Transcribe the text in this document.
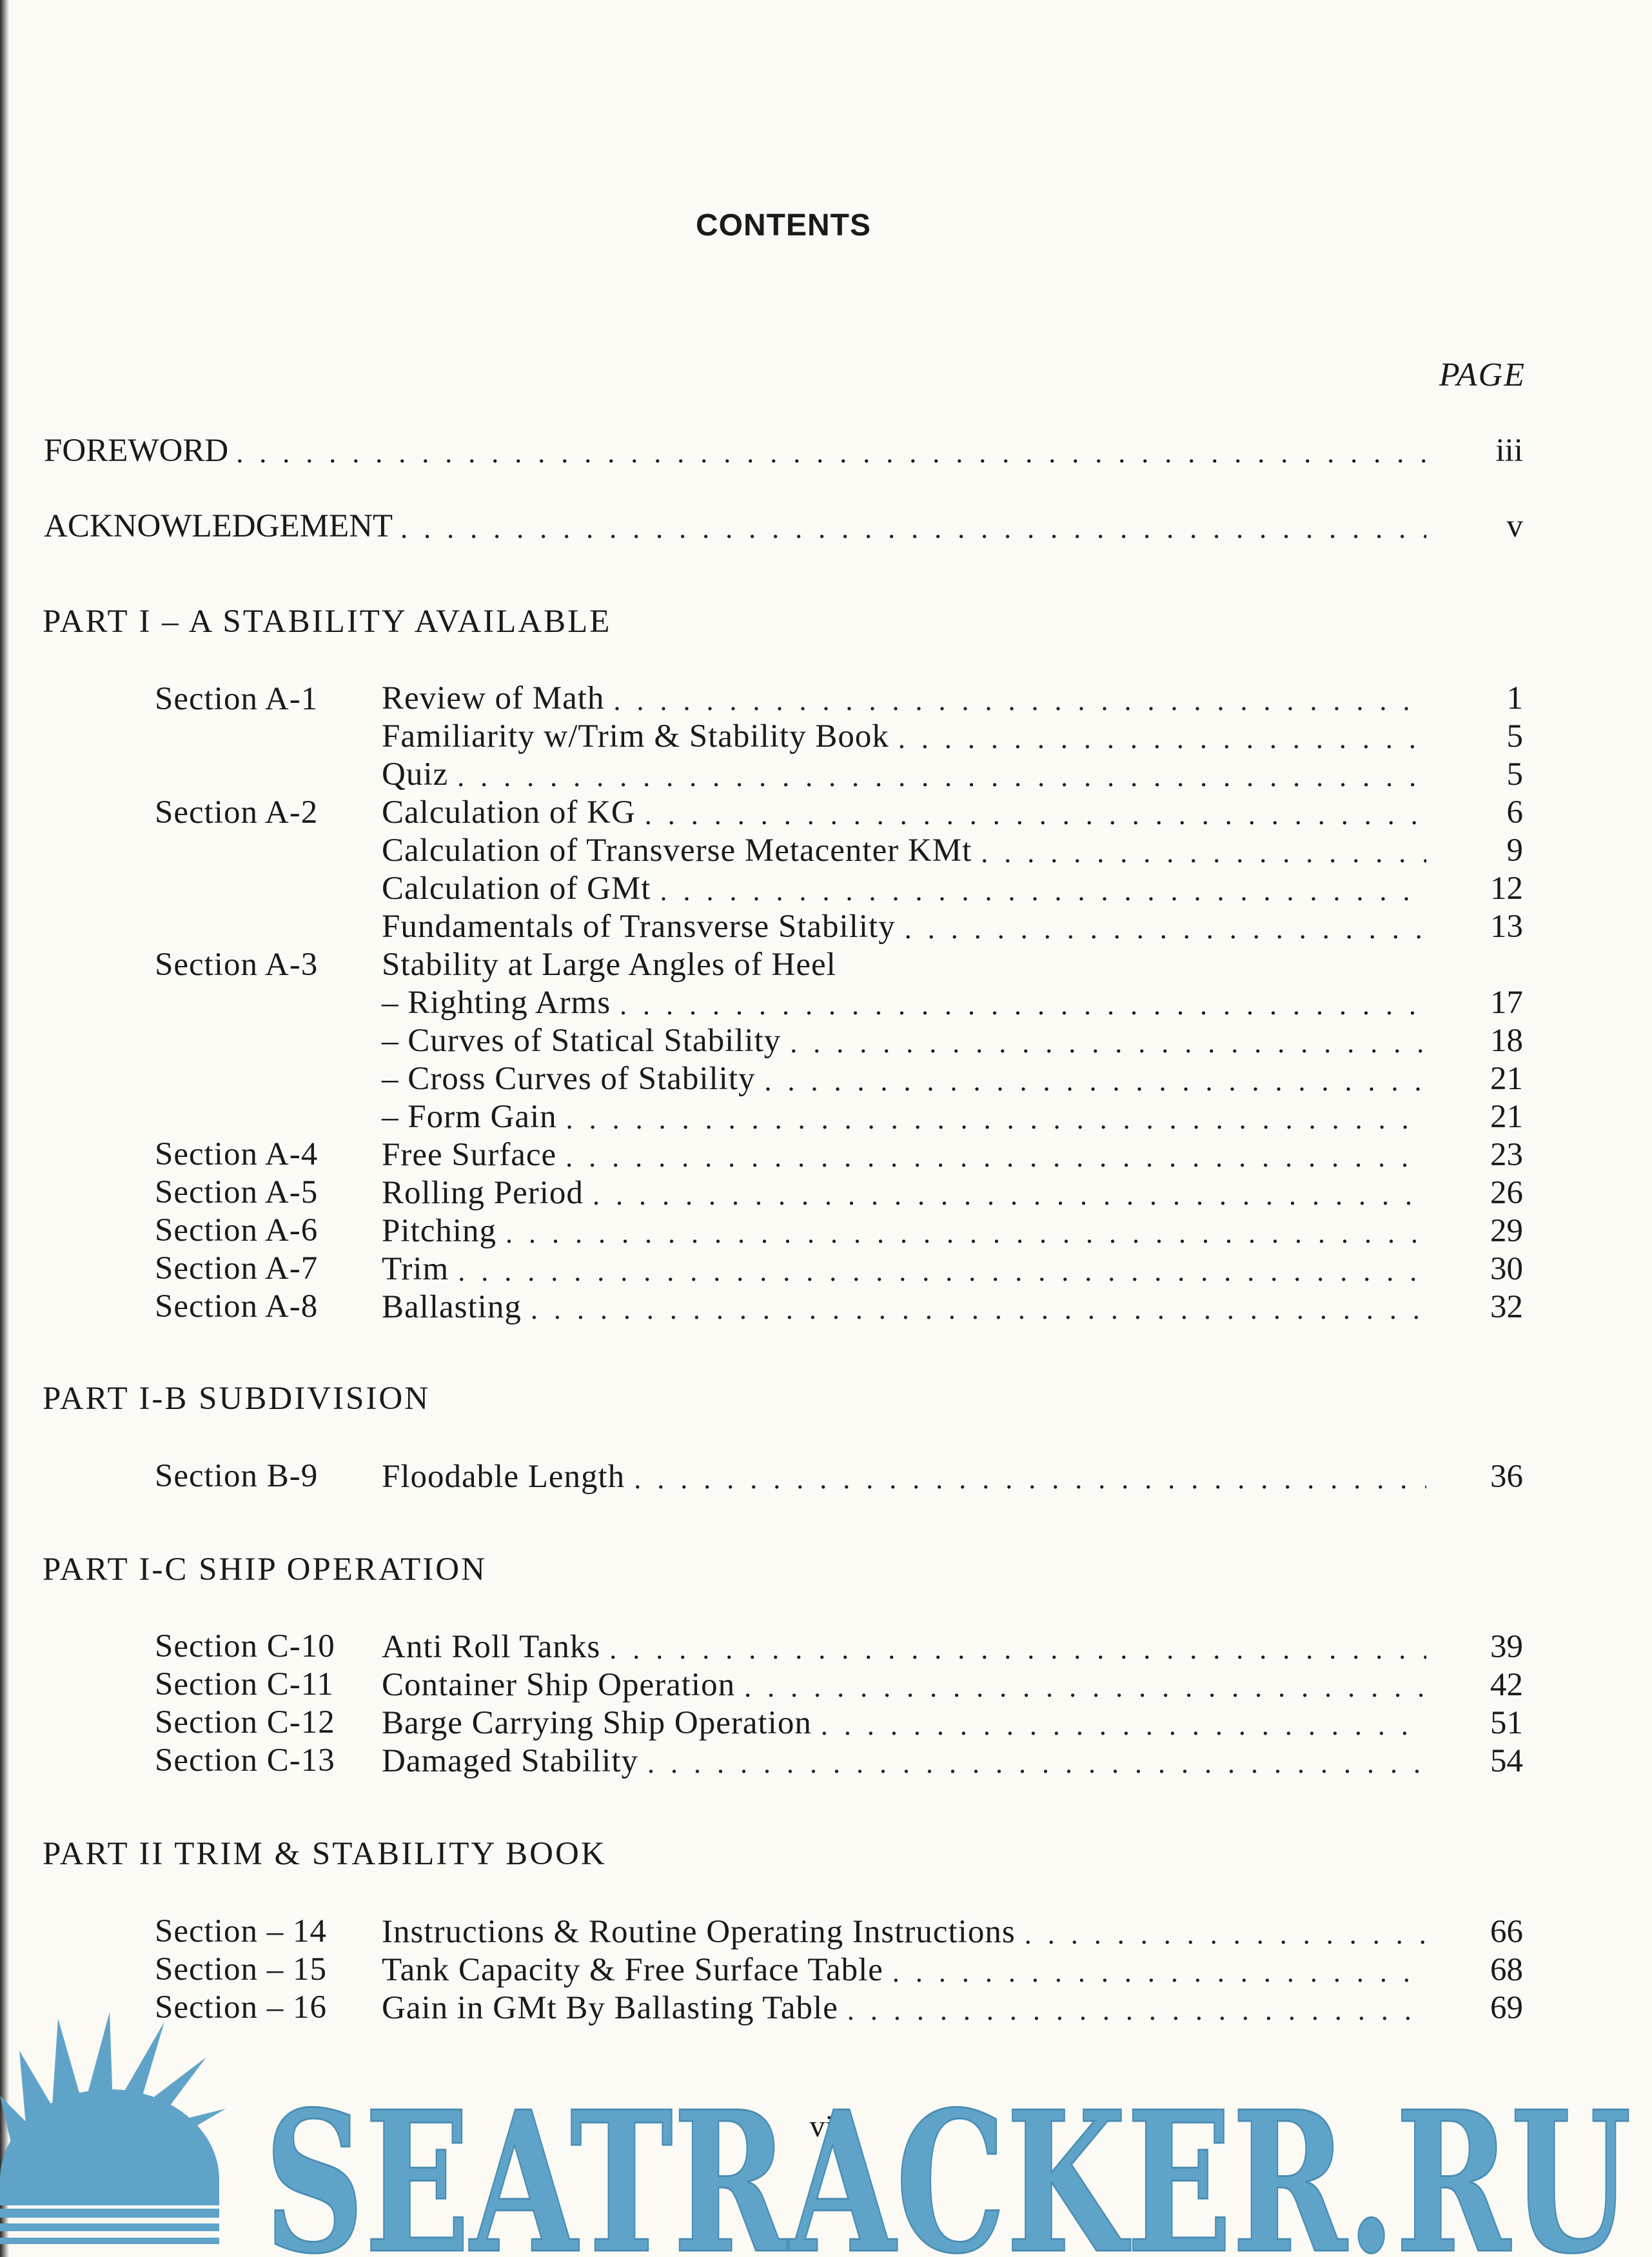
CONTENTS
PAGE
FOREWORD . . .	iii
ACKNOWLEDGEMENT . . .	v
PART I – A STABILITY AVAILABLE
Section A-1 Review of Math . . .	1
Familiarity w/Trim & Stability Book . . .	5
Quiz . . .	5
Section A-2 Calculation of KG . . .	6
Calculation of Transverse Metacenter KMt . . .	9
Calculation of GMt . . .	12
Fundamentals of Transverse Stability . . .	13
Section A-3 Stability at Large Angles of Heel
– Righting Arms . . .	17
– Curves of Statical Stability . . .	18
– Cross Curves of Stability . . .	21
– Form Gain . . .	21
Section A-4 Free Surface . . .	23
Section A-5 Rolling Period . . .	26
Section A-6 Pitching . . .	29
Section A-7 Trim . . .	30
Section A-8 Ballasting . . .	32
PART I-B SUBDIVISION
Section B-9 Floodable Length . . .	36
PART I-C SHIP OPERATION
Section C-10 Anti Roll Tanks . . .	39
Section C-11 Container Ship Operation . . .	42
Section C-12 Barge Carrying Ship Operation . . .	51
Section C-13 Damaged Stability . . .	54
PART II TRIM & STABILITY BOOK
Section – 14 Instructions & Routine Operating Instructions . . .	66
Section – 15 Tank Capacity & Free Surface Table . . .	68
Section – 16 Gain in GMt By Ballasting Table . . .	69
vii
SEATRACKER.RU
